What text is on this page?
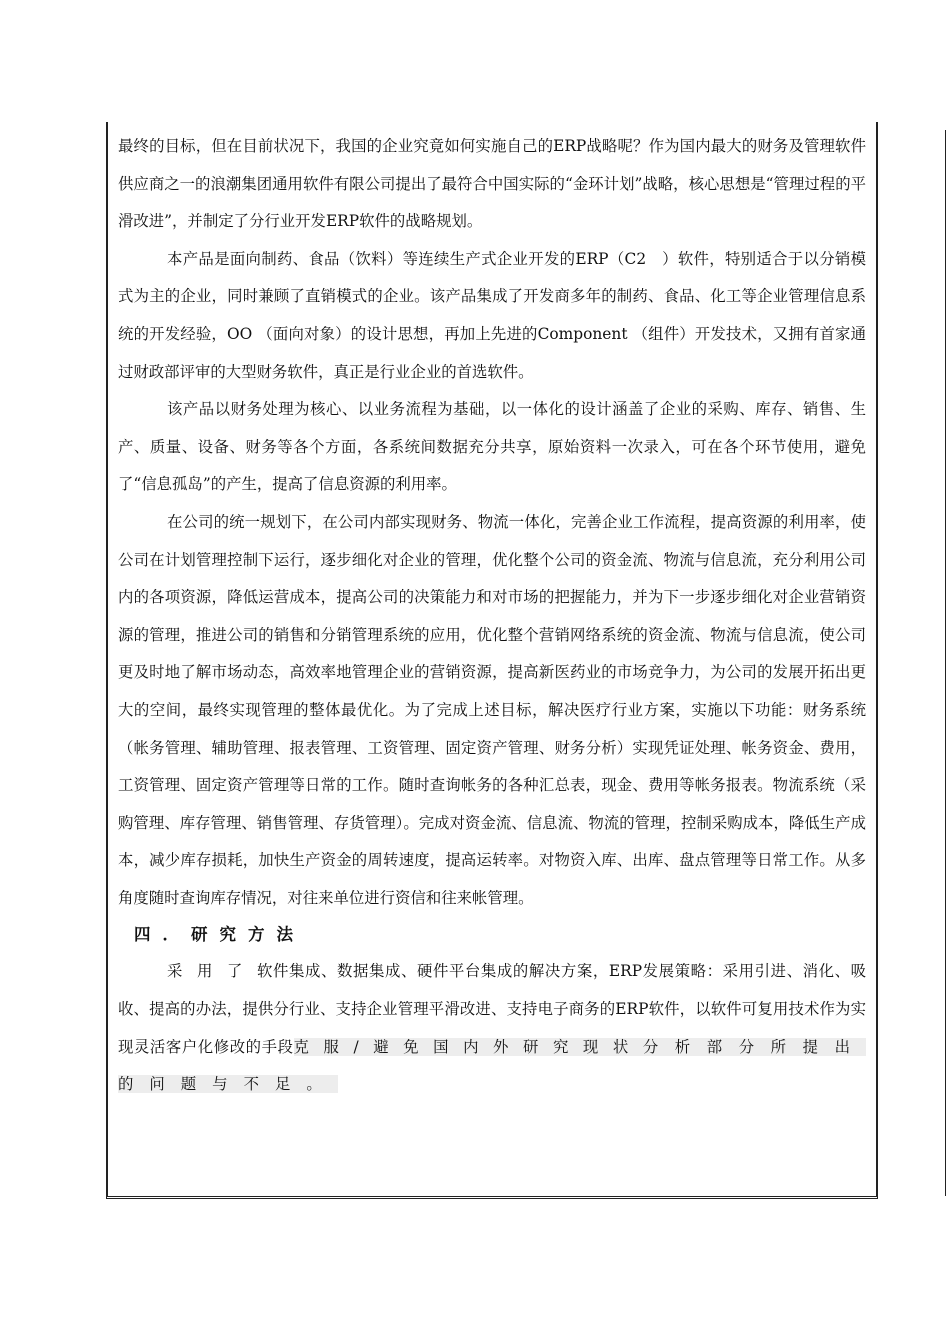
最终的目标，但在目前状况下，我国的企业究竟如何实施自己的ERP战略呢？作为国内最大的财务及管理软件供应商之一的浪潮集团通用软件有限公司提出了最符合中国实际的“金环计划”战略，核心思想是“管理过程的平滑改进”，并制定了分行业开发ERP软件的战略规划。

本产品是面向制药、食品（饮料）等连续生产式企业开发的ERP（C2　）软件，特别适合于以分销模式为主的企业，同时兼顾了直销模式的企业。该产品集成了开发商多年的制药、食品、化工等企业管理信息系统的开发经验，OO （面向对象）的设计思想，再加上先进的Component （组件）开发技术，又拥有首家通过财政部评审的大型财务软件，真正是行业企业的首选软件。

该产品以财务处理为核心、以业务流程为基础，以一体化的设计涵盖了企业的采购、库存、销售、生产、质量、设备、财务等各个方面，各系统间数据充分共享，原始资料一次录入，可在各个环节使用，避免了“信息孤岛”的产生，提高了信息资源的利用率。

在公司的统一规划下，在公司内部实现财务、物流一体化，完善企业工作流程，提高资源的利用率，使公司在计划管理控制下运行，逐步细化对企业的管理，优化整个公司的资金流、物流与信息流，充分利用公司内的各项资源，降低运营成本，提高公司的决策能力和对市场的把握能力，并为下一步逐步细化对企业营销资源的管理，推进公司的销售和分销管理系统的应用，优化整个营销网络系统的资金流、物流与信息流，使公司更及时地了解市场动态，高效率地管理企业的营销资源，提高新医药业的市场竞争力，为公司的发展开拓出更大的空间，最终实现管理的整体最优化。为了完成上述目标，解决医疗行业方案，实施以下功能：财务系统（帐务管理、辅助管理、报表管理、工资管理、固定资产管理、财务分析）实现凭证处理、帐务资金、费用，工资管理、固定资产管理等日常的工作。随时查询帐务的各种汇总表，现金、费用等帐务报表。物流系统（采购管理、库存管理、销售管理、存货管理）。完成对资金流、信息流、物流的管理，控制采购成本，降低生产成本，减少库存损耗，加快生产资金的周转速度，提高运转率。对物资入库、出库、盘点管理等日常工作。从多角度随时查询库存情况，对往来单位进行资信和往来帐管理。

四．研究方法

采用了软件集成、数据集成、硬件平台集成的解决方案，ERP发展策略：采用引进、消化、吸收、提高的办法，提供分行业、支持企业管理平滑改进、支持电子商务的ERP软件，以软件可复用技术作为实现灵活客户化修改的手段克服/避免国内外研究现状分析部分所提出的问题与不足。
